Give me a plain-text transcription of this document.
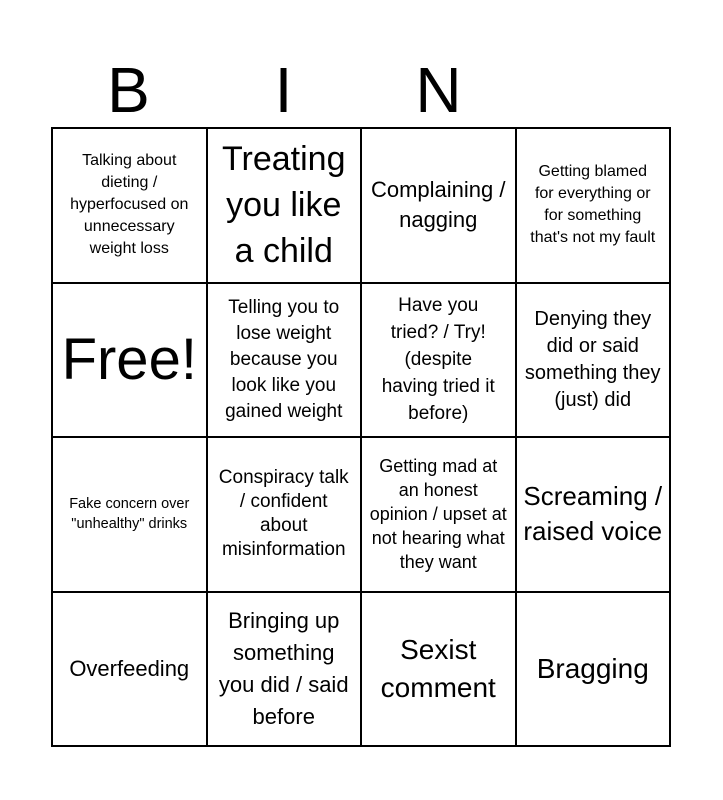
B	I	N
Talking about dieting / hyperfocused on unnecessary weight loss
Treating you like a child
Complaining / nagging
Getting blamed for everything or for something that's not my fault
Free!
Telling you to lose weight because you look like you gained weight
Have you tried? / Try! (despite having tried it before)
Denying they did or said something they (just) did
Fake concern over "unhealthy" drinks
Conspiracy talk / confident about misinformation
Getting mad at an honest opinion / upset at not hearing what they want
Screaming / raised voice
Overfeeding
Bringing up something you did / said before
Sexist comment
Bragging
